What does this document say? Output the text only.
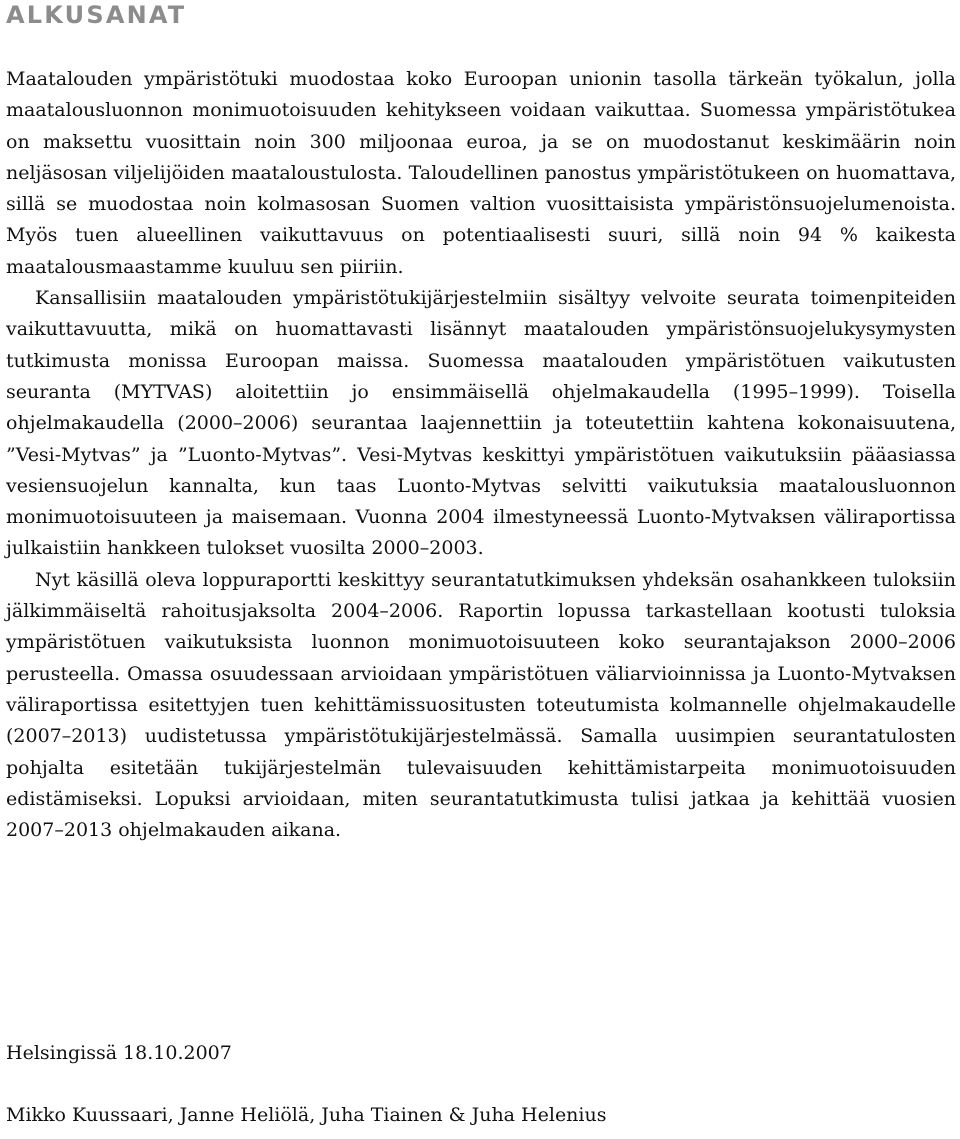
ALKUSANAT

Maatalouden ympäristötuki muodostaa koko Euroopan unionin tasolla tärkeän työkalun, jolla maatalousluonnon monimuotoisuuden kehitykseen voidaan vaikuttaa. Suomessa ympäristötukea on maksettu vuosittain noin 300 miljoonaa euroa, ja se on muodostanut keskimäärin noin neljäsosan viljelijöiden maataloustulosta. Taloudellinen panostus ympäristötukeen on huomattava, sillä se muodostaa noin kolmasosan Suomen valtion vuosittaisista ympäristönsuojelumenoista. Myös tuen alueellinen vaikuttavuus on potentiaalisesti suuri, sillä noin 94 % kaikesta maatalousmaastamme kuuluu sen piiriin.

Kansallisiin maatalouden ympäristötukijärjestelmiin sisältyy velvoite seurata toimenpiteiden vaikuttavuutta, mikä on huomattavasti lisännyt maatalouden ympäristönsuojelukysymysten tutkimusta monissa Euroopan maissa. Suomessa maatalouden ympäristötuen vaikutusten seuranta (MYTVAS) aloitettiin jo ensimmäisellä ohjelmakaudella (1995–1999). Toisella ohjelmakaudella (2000–2006) seurantaa laajennettiin ja toteutettiin kahtena kokonaisuutena, ”Vesi-Mytvas” ja ”Luonto-Mytvas”. Vesi-Mytvas keskittyi ympäristötuen vaikutuksiin pääasiassa vesiensuojelun kannalta, kun taas Luonto-Mytvas selvitti vaikutuksia maatalousluonnon monimuotoisuuteen ja maisemaan. Vuonna 2004 ilmestyneessä Luonto-Mytvaksen väliraportissa julkaistiin hankkeen tulokset vuosilta 2000–2003.

Nyt käsillä oleva loppuraportti keskittyy seurantatutkimuksen yhdeksän osahankkeen tuloksiin jälkimmäiseltä rahoitusjaksolta 2004–2006. Raportin lopussa tarkastellaan kootusti tuloksia ympäristötuen vaikutuksista luonnon monimuotoisuuteen koko seurantajakson 2000–2006 perusteella. Omassa osuudessaan arvioidaan ympäristötuen väliarvioinnissa ja Luonto-Mytvaksen väliraportissa esitettyjen tuen kehittämissuositusten toteutumista kolmannelle ohjelmakaudelle (2007–2013) uudistetussa ympäristötukijärjestelmässä. Samalla uusimpien seurantatulosten pohjalta esitetään tukijärjestelmän tulevaisuuden kehittämistarpeita monimuotoisuuden edistämiseksi. Lopuksi arvioidaan, miten seurantatutkimusta tulisi jatkaa ja kehittää vuosien 2007–2013 ohjelmakauden aikana.

Helsingissä 18.10.2007

Mikko Kuussaari, Janne Heliölä, Juha Tiainen & Juha Helenius
